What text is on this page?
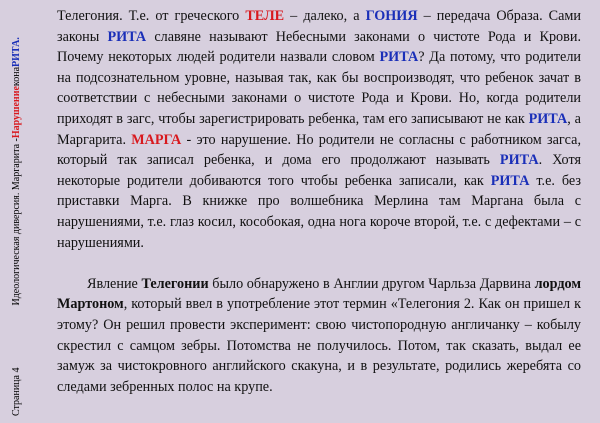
Страница 4
Идеологическая диверсия. Маргарита -
Нарушение
кона
РИТА.

Телегония. Т.е. от греческого ТЕЛЕ – далеко, а ГОНИЯ – передача Образа. Сами законы РИТА славяне называют Небесными законами о чистоте Рода и Крови. Почему некоторых людей родители назвали словом РИТА? Да потому, что родители на подсознательном уровне, называя так, как бы воспроизводят, что ребенок зачат в соответствии с небесными законами о чистоте Рода и Крови. Но, когда родители приходят в загс, чтобы зарегистрировать ребенка, там его записывают не как РИТА, а Маргарита. МАРГА - это нарушение. Но родители не согласны с работником загса, который так записал ребенка, и дома его продолжают называть РИТА. Хотя некоторые родители добиваются того чтобы ребенка записали, как РИТА т.е. без приставки Марга. В книжке про волшебника Мерлина там Маргана была с нарушениями, т.е. глаз косил, кособокая, одна нога короче второй, т.е. с дефектами – с нарушениями.

Явление Телегонии было обнаружено в Англии другом Чарльза Дарвина лордом Мартоном, который ввел в употребление этот термин «Телегония 2. Как он пришел к этому? Он решил провести эксперимент: свою чистопородную англичанку – кобылу скрестил с самцом зебры. Потомства не получилось. Потом, так сказать, выдал ее замуж за чистокровного английского скакуна, и в результате, родились жеребята со следами зебренных полос на крупе.
